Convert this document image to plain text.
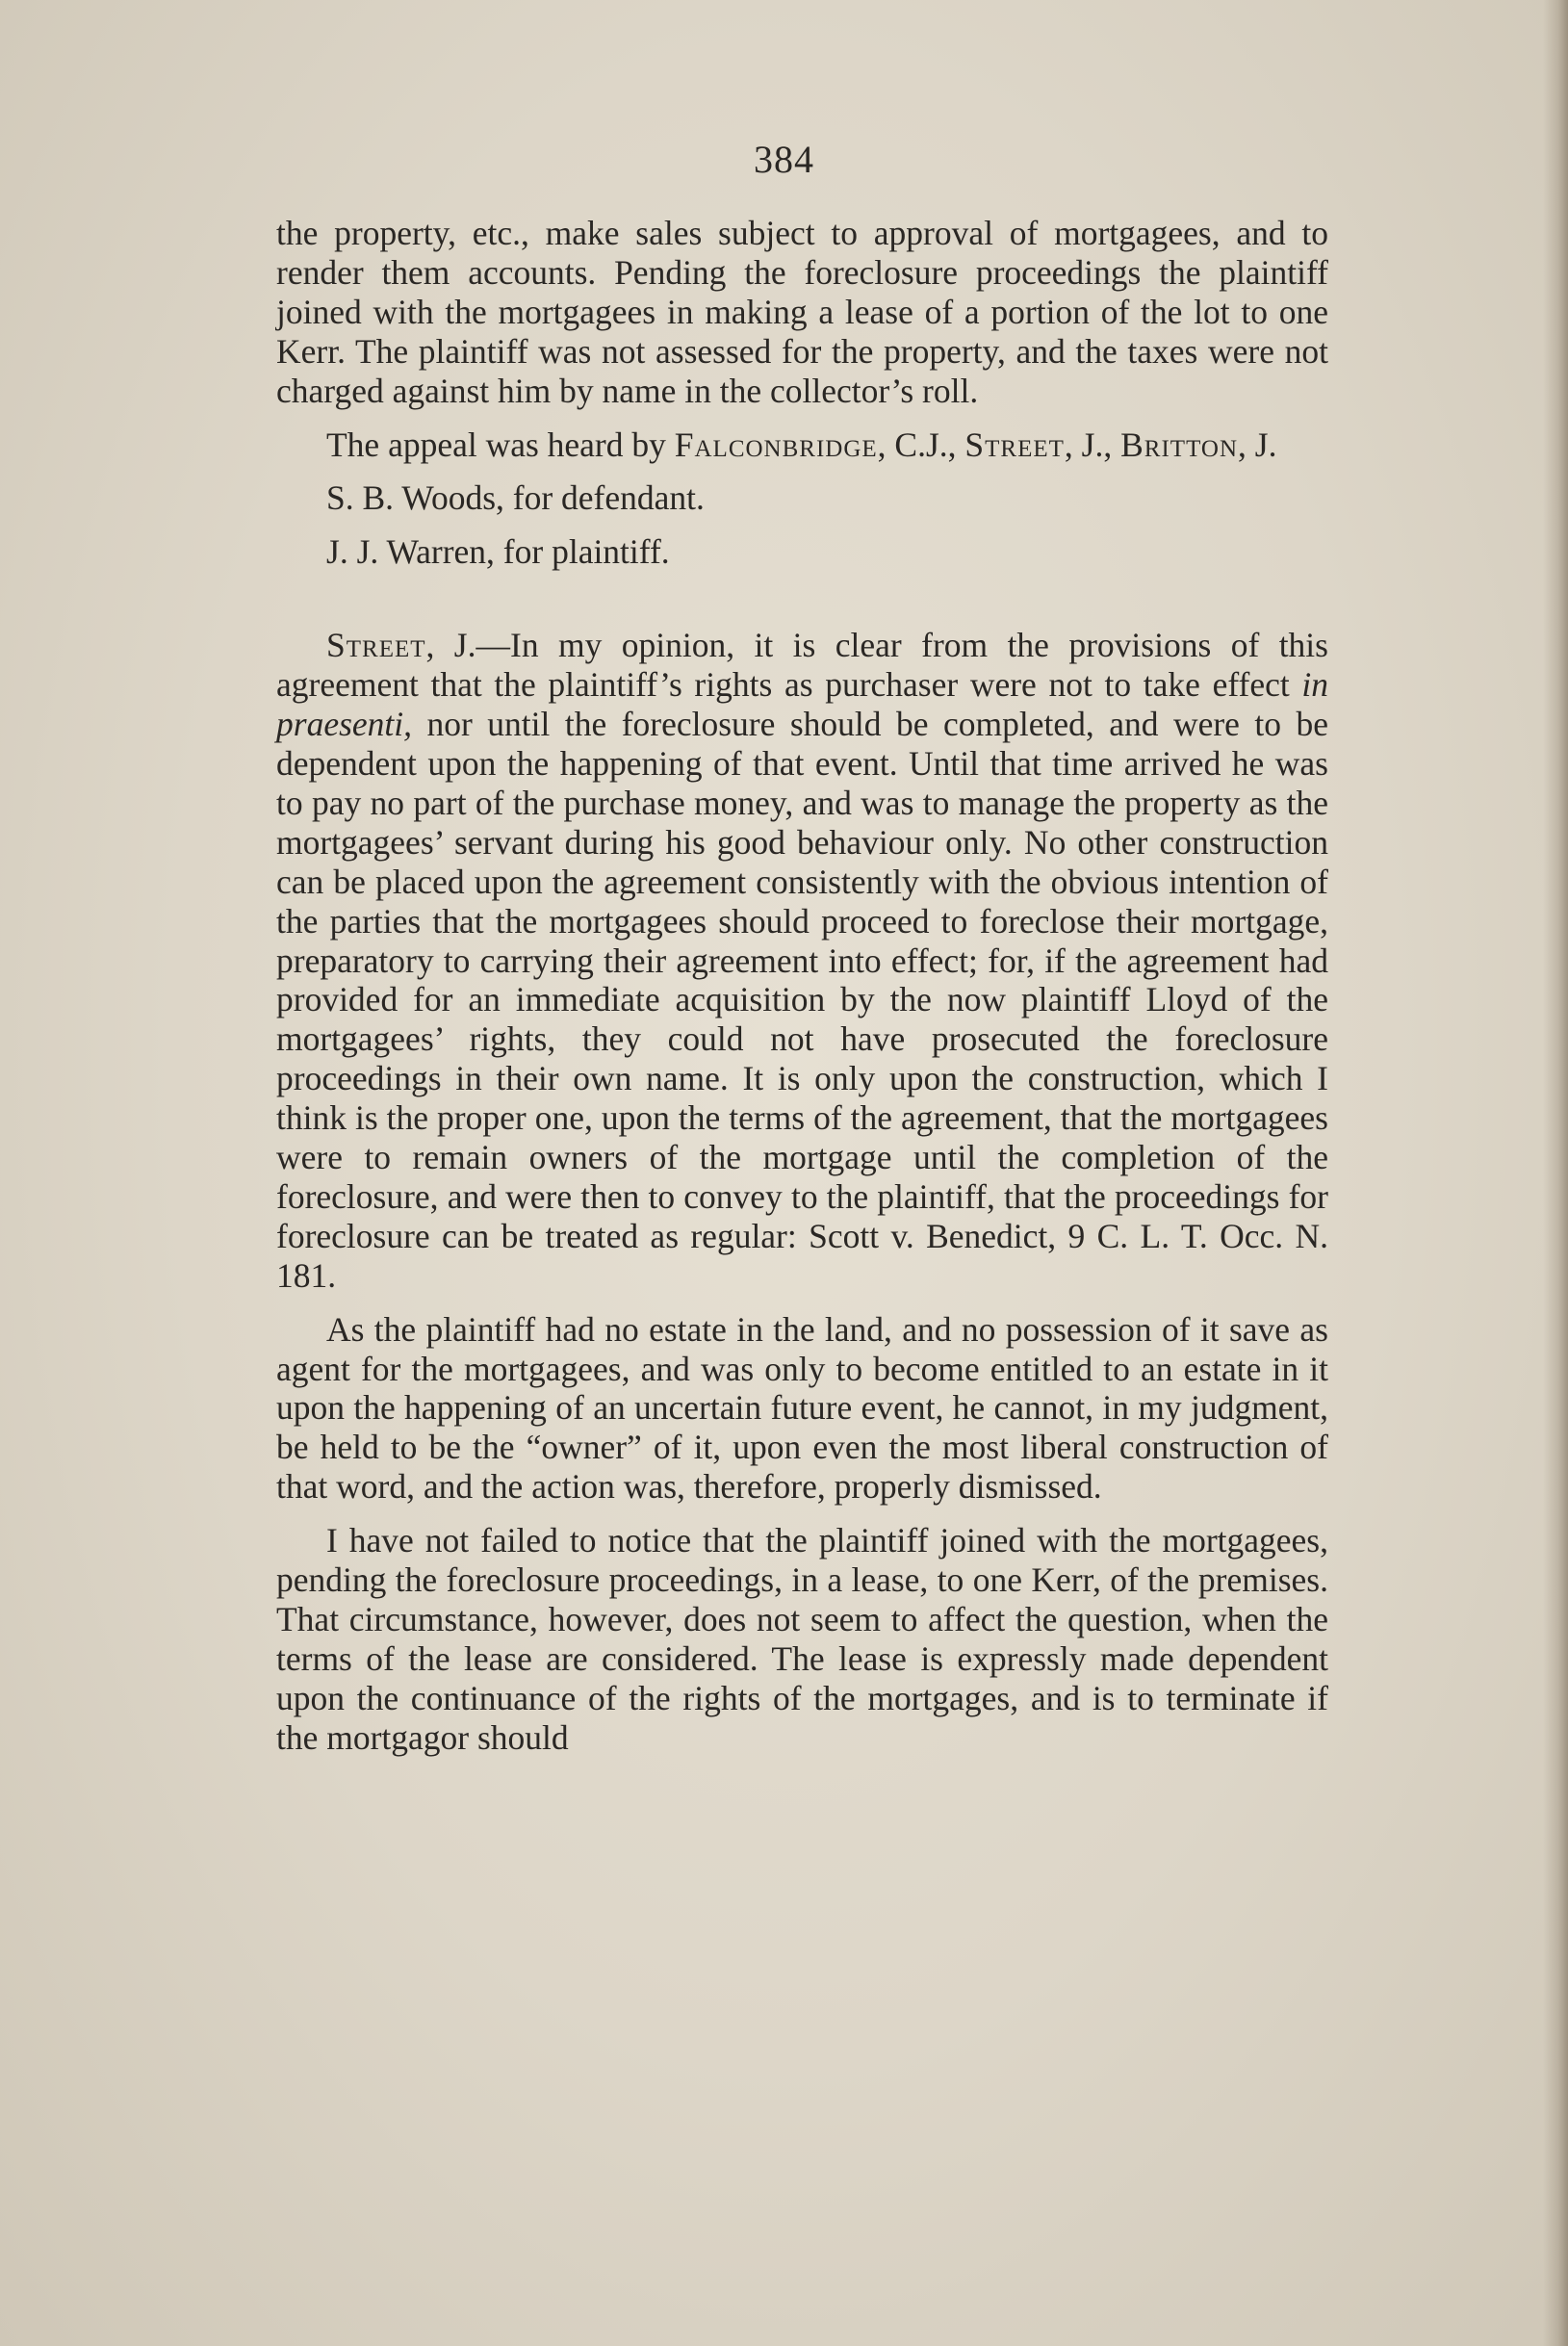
384

the property, etc., make sales subject to approval of mortgagees, and to render them accounts. Pending the foreclosure proceedings the plaintiff joined with the mortgagees in making a lease of a portion of the lot to one Kerr. The plaintiff was not assessed for the property, and the taxes were not charged against him by name in the collector’s roll.

The appeal was heard by Falconbridge, C.J., Street, J., Britton, J.

S. B. Woods, for defendant.

J. J. Warren, for plaintiff.

Street, J.—In my opinion, it is clear from the provisions of this agreement that the plaintiff’s rights as purchaser were not to take effect in praesenti, nor until the foreclosure should be completed, and were to be dependent upon the happening of that event. Until that time arrived he was to pay no part of the purchase money, and was to manage the property as the mortgagees’ servant during his good behaviour only. No other construction can be placed upon the agreement consistently with the obvious intention of the parties that the mortgagees should proceed to foreclose their mortgage, preparatory to carrying their agreement into effect; for, if the agreement had provided for an immediate acquisition by the now plaintiff Lloyd of the mortgagees’ rights, they could not have prosecuted the foreclosure proceedings in their own name. It is only upon the construction, which I think is the proper one, upon the terms of the agreement, that the mortgagees were to remain owners of the mortgage until the completion of the foreclosure, and were then to convey to the plaintiff, that the proceedings for foreclosure can be treated as regular: Scott v. Benedict, 9 C. L. T. Occ. N. 181.

As the plaintiff had no estate in the land, and no possession of it save as agent for the mortgagees, and was only to become entitled to an estate in it upon the happening of an uncertain future event, he cannot, in my judgment, be held to be the “owner” of it, upon even the most liberal construction of that word, and the action was, therefore, properly dismissed.

I have not failed to notice that the plaintiff joined with the mortgagees, pending the foreclosure proceedings, in a lease, to one Kerr, of the premises. That circumstance, however, does not seem to affect the question, when the terms of the lease are considered. The lease is expressly made dependent upon the continuance of the rights of the mortgages, and is to terminate if the mortgagor should
